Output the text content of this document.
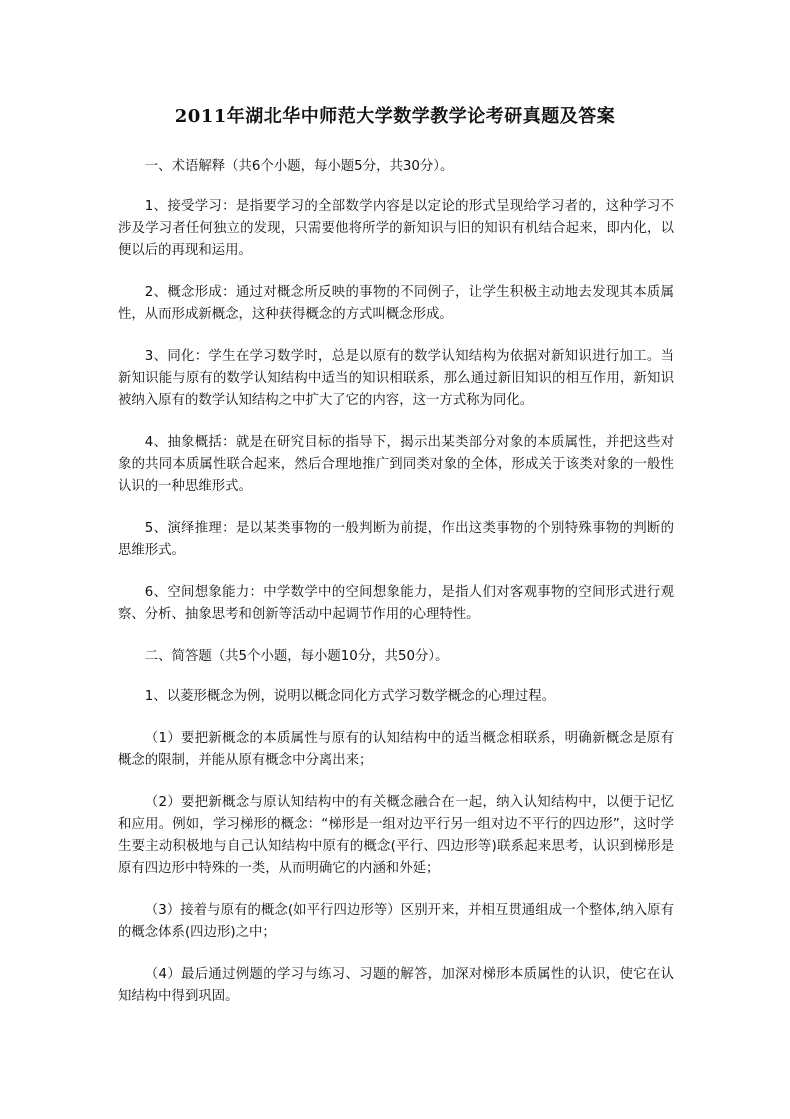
2011年湖北华中师范大学数学教学论考研真题及答案

一、术语解释（共6个小题，每小题5分，共30分）。

1、接受学习：是指要学习的全部数学内容是以定论的形式呈现给学习者的，这种学习不涉及学习者任何独立的发现，只需要他将所学的新知识与旧的知识有机结合起来，即内化，以便以后的再现和运用。

2、概念形成：通过对概念所反映的事物的不同例子，让学生积极主动地去发现其本质属性，从而形成新概念，这种获得概念的方式叫概念形成。

3、同化：学生在学习数学时，总是以原有的数学认知结构为依据对新知识进行加工。当新知识能与原有的数学认知结构中适当的知识相联系，那么通过新旧知识的相互作用，新知识被纳入原有的数学认知结构之中扩大了它的内容，这一方式称为同化。

4、抽象概括：就是在研究目标的指导下，揭示出某类部分对象的本质属性，并把这些对象的共同本质属性联合起来，然后合理地推广到同类对象的全体，形成关于该类对象的一般性认识的一种思维形式。

5、演绎推理：是以某类事物的一般判断为前提，作出这类事物的个别特殊事物的判断的思维形式。

6、空间想象能力：中学数学中的空间想象能力，是指人们对客观事物的空间形式进行观察、分析、抽象思考和创新等活动中起调节作用的心理特性。

二、简答题（共5个小题，每小题10分，共50分）。

1、以菱形概念为例，说明以概念同化方式学习数学概念的心理过程。

（1）要把新概念的本质属性与原有的认知结构中的适当概念相联系，明确新概念是原有概念的限制，并能从原有概念中分离出来；

（2）要把新概念与原认知结构中的有关概念融合在一起，纳入认知结构中，以便于记忆和应用。例如，学习梯形的概念：“梯形是一组对边平行另一组对边不平行的四边形”，这时学生要主动积极地与自己认知结构中原有的概念(平行、四边形等)联系起来思考，认识到梯形是原有四边形中特殊的一类，从而明确它的内涵和外延；

（3）接着与原有的概念(如平行四边形等）区别开来，并相互贯通组成一个整体,纳入原有的概念体系(四边形)之中；

（4）最后通过例题的学习与练习、习题的解答，加深对梯形本质属性的认识，使它在认知结构中得到巩固。
